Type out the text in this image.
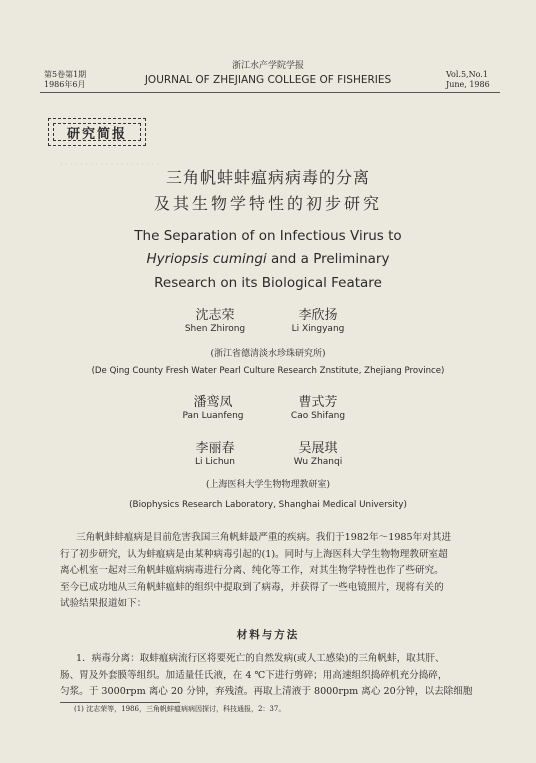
· · · · · · · · · · · · · · · · · · · ·
浙江水产学院学报
第5卷第1期
1986年6月	JOURNAL OF ZHEJIANG COLLEGE OF FISHERIES	Vol.5,No.1
June, 1986
研究简报
三角帆蚌蚌瘟病病毒的分离
及其生物学特性的初步研究
The Separation of on Infectious Virus to
Hyriopsis cumingi and a Preliminary
Research on its Biological Featare
沈志荣
Shen Zhirong
李欣扬
Li Xingyang
(浙江省德清淡水珍珠研究所)
(De Qing County Fresh Water Pearl Culture Research Znstitute, Zhejiang Province)
潘鸾凤
Pan Luanfeng
曹式芳
Cao Shifang
李丽春
Li Lichun
吴展琪
Wu Zhanqi
(上海医科大学生物物理教研室)
(Biophysics Research Laboratory, Shanghai Medical University)
三角帆蚌蚌瘟病是目前危害我国三角帆蚌最严重的疾病。我们于1982年～1985年对其进
行了初步研究，认为蚌瘟病是由某种病毒引起的(1)。同时与上海医科大学生物物理教研室超
离心机室一起对三角帆蚌瘟病病毒进行分离、纯化等工作，对其生物学特性也作了些研究。
至今已成功地从三角帆蚌瘟蚌的组织中提取到了病毒，并获得了一些电镜照片，现将有关的
试验结果报道如下：
材料与方法
1．病毒分离：取蚌瘟病流行区将要死亡的自然发病(或人工感染)的三角帆蚌，取其肝、
肠、胃及外套膜等组织。加适量任氏液，在 4 ℃下进行剪碎；用高速组织捣碎机充分捣碎，
匀浆。于 3000rpm 离心 20 分钟，弃残渣。再取上清液于 8000rpm 离心 20分钟，以去除细胞
(1) 沈志荣等，1986，三角帆蚌瘟病病因探讨，科技通报，2：37。
